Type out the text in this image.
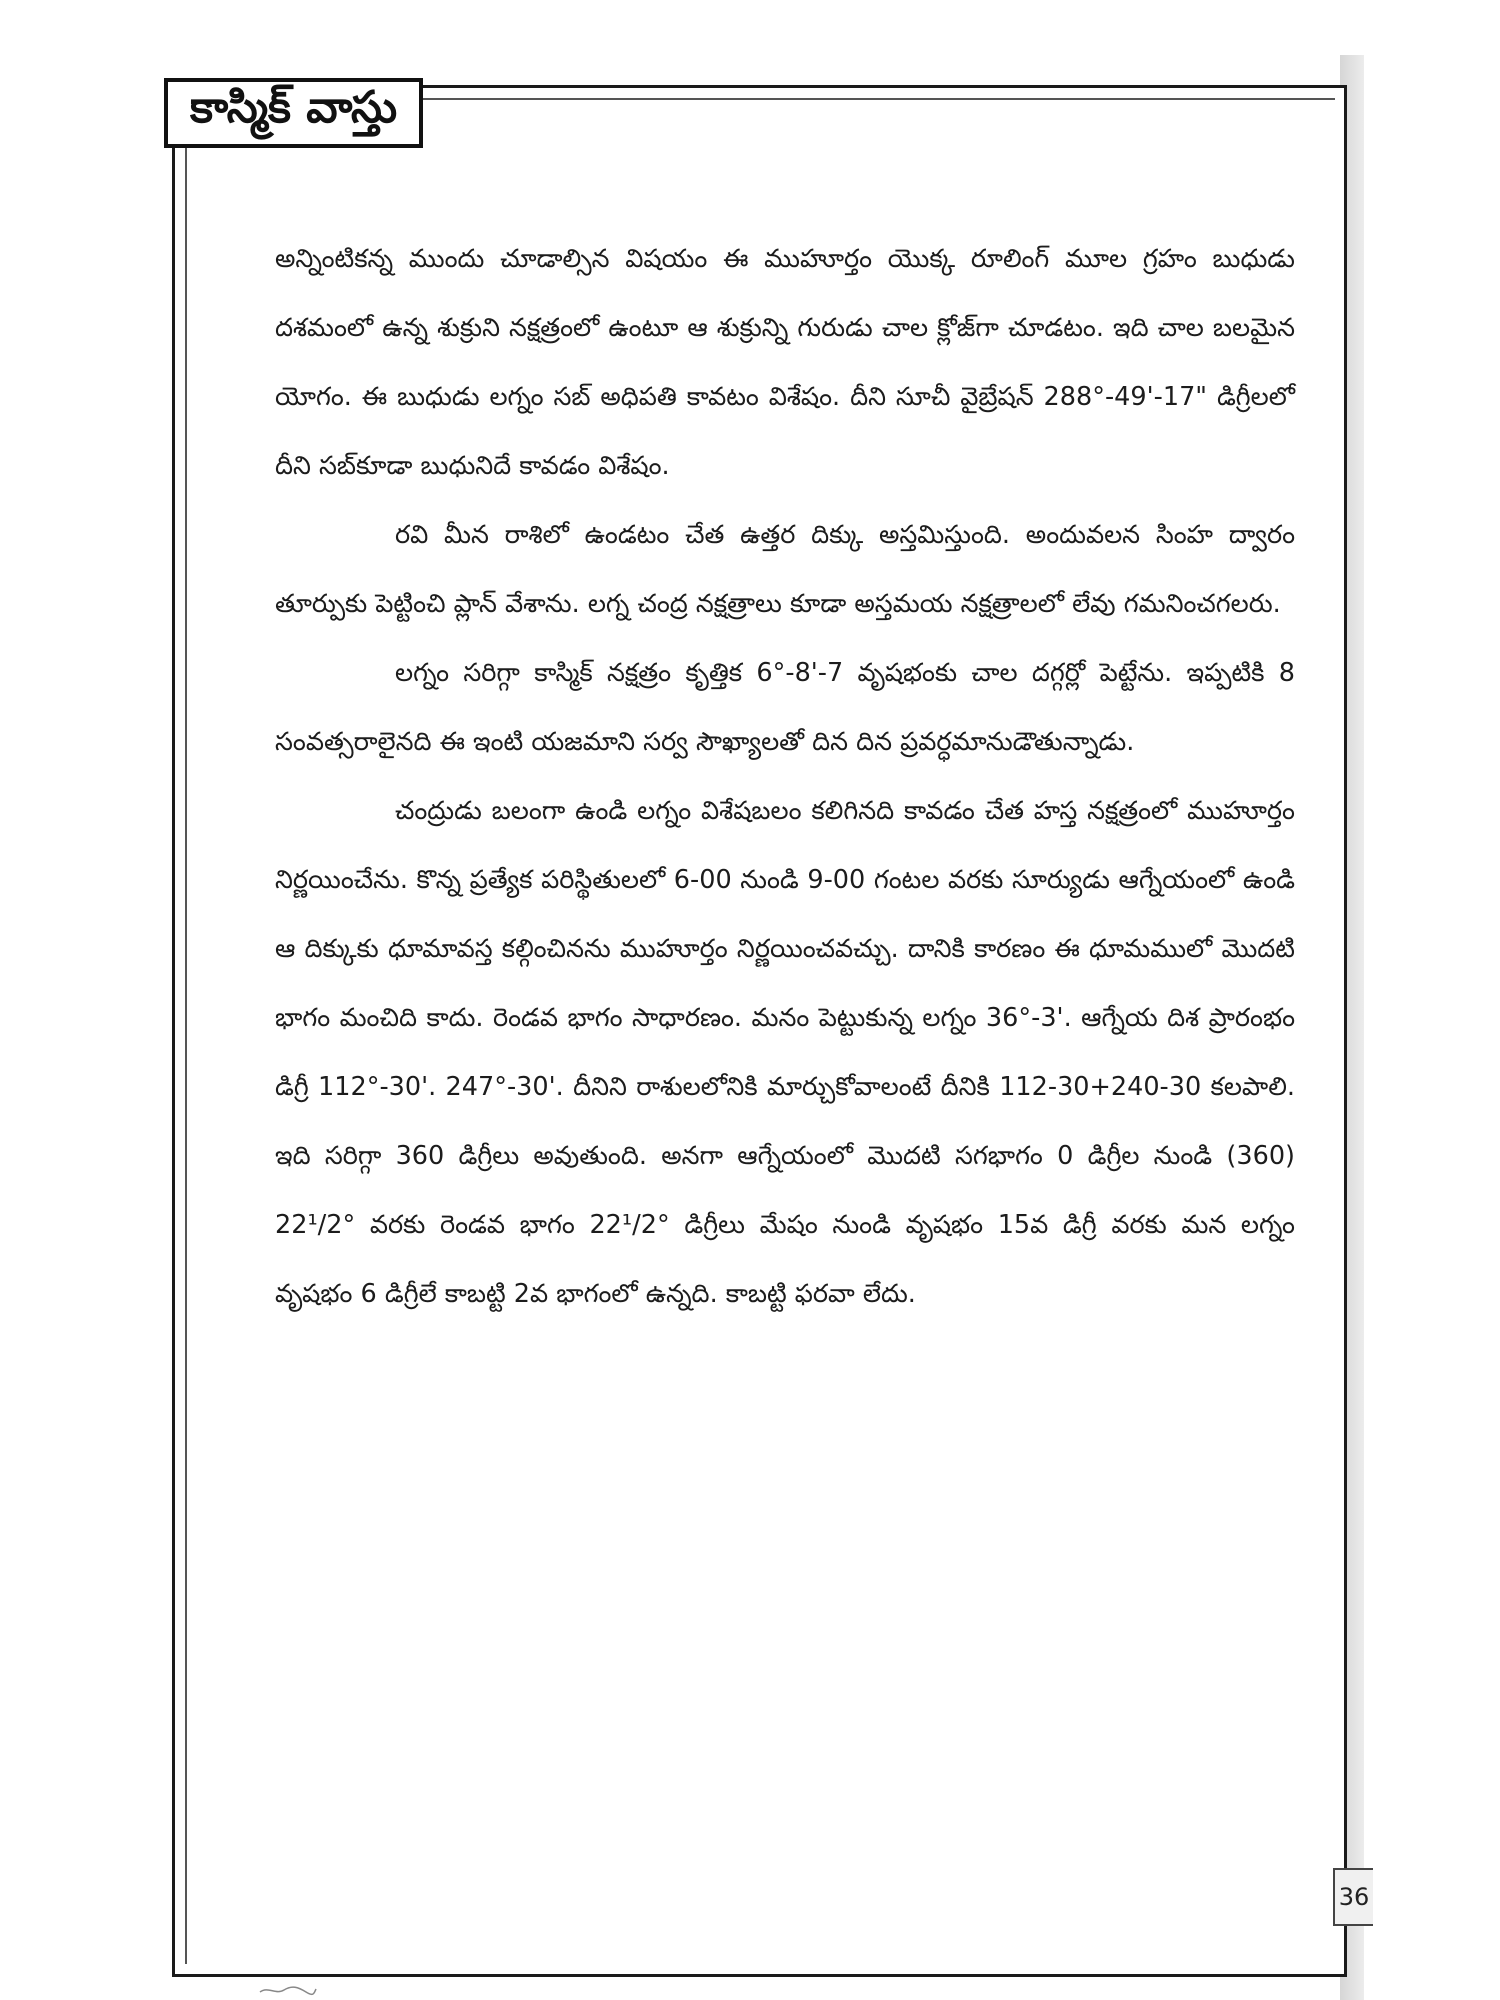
కాస్మిక్ వాస్తు

అన్నింటికన్న ముందు చూడాల్సిన విషయం ఈ ముహూర్తం యొక్క రూలింగ్ మూల గ్రహం బుధుడు దశమంలో ఉన్న శుక్రుని నక్షత్రంలో ఉంటూ ఆ శుక్రున్ని గురుడు చాల క్లోజ్‌గా చూడటం. ఇది చాల బలమైన యోగం. ఈ బుధుడు లగ్నం సబ్ అధిపతి కావటం విశేషం. దీని సూచీ వైబ్రేషన్ 288°-49'-17" డిగ్రీలలో దీని సబ్‌కూడా బుధునిదే కావడం విశేషం.

రవి మీన రాశిలో ఉండటం చేత ఉత్తర దిక్కు అస్తమిస్తుంది. అందువలన సింహ ద్వారం తూర్పుకు పెట్టించి ప్లాన్ వేశాను. లగ్న చంద్ర నక్షత్రాలు కూడా అస్తమయ నక్షత్రాలలో లేవు గమనించగలరు.

లగ్నం సరిగ్గా కాస్మిక్ నక్షత్రం కృత్తిక 6°-8'-7 వృషభంకు చాల దగ్గర్లో పెట్టేను. ఇప్పటికి 8 సంవత్సరాలైనది ఈ ఇంటి యజమాని సర్వ సౌఖ్యాలతో దిన దిన ప్రవర్ధమానుడౌతున్నాడు.

చంద్రుడు బలంగా ఉండి లగ్నం విశేషబలం కలిగినది కావడం చేత హస్త నక్షత్రంలో ముహూర్తం నిర్ణయించేను. కొన్న ప్రత్యేక పరిస్థితులలో 6-00 నుండి 9-00 గంటల వరకు సూర్యుడు ఆగ్నేయంలో ఉండి ఆ దిక్కుకు ధూమావస్త కల్గించినను ముహూర్తం నిర్ణయించవచ్చు. దానికి కారణం ఈ ధూమములో మొదటి భాగం మంచిది కాదు. రెండవ భాగం సాధారణం. మనం పెట్టుకున్న లగ్నం 36°-3'. ఆగ్నేయ దిశ ప్రారంభం డిగ్రీ 112°-30'. 247°-30'. దీనిని రాశులలోనికి మార్చుకోవాలంటే దీనికి 112-30+240-30 కలపాలి. ఇది సరిగ్గా 360 డిగ్రీలు అవుతుంది. అనగా ఆగ్నేయంలో మొదటి సగభాగం 0 డిగ్రీల నుండి (360) 22¹/2° వరకు రెండవ భాగం 22¹/2° డిగ్రీలు మేషం నుండి వృషభం 15వ డిగ్రీ వరకు మన లగ్నం వృషభం 6 డిగ్రీలే కాబట్టి 2వ భాగంలో ఉన్నది. కాబట్టి ఫరవా లేదు.

36
